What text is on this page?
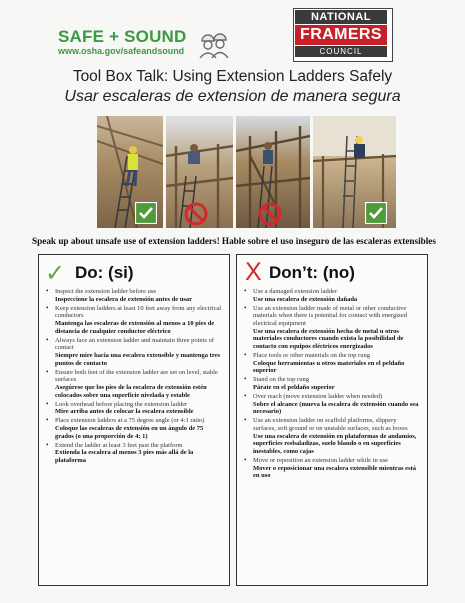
SAFE + SOUND
www.osha.gov/safeandsound
NATIONAL
FRAMERS
COUNCIL
Tool Box Talk: Using Extension Ladders Safely
Usar escaleras de extension de manera segura
Speak up about unsafe use of extension ladders! Hable sobre el uso inseguro de las escaleras extensibles
✓ Do: (si)
• Inspect the extension ladder before use
Inspeccione la escalera de extensión antes de usar
• Keep extension ladders at least 10 feet away from any electrical conductors
Mantenga las escaleras de extensión al menos a 10 pies de distancia de cualquier conductor eléctrico
• Always face an extension ladder and maintain three points of contact
Siempre mire hacia una escalera extensible y mantenga tres puntos de contacto
• Ensure both feet of the extension ladder are set on level, stable surfaces
Asegúrese que los pies de la escalera de extensión estén colocados sobre una superficie nivelada y estable
• Look overhead before placing the extension ladder
Mire arriba antes de colocar la escalera extensible
• Place extension ladders at a 75 degree angle (or 4:1 ratio)
Coloque las escaleras de extensión en un ángulo de 75 grados (o una proporción de 4: 1)
• Extend the ladder at least 3 feet past the platform
Extienda la escalera al menos 3 pies más allá de la plataforma
X Don’t: (no)
• Use a damaged extension ladder
Use una escalera de extensión dañada
• Use an extension ladder made of metal or other conductive materials when there is potential for contact with energized electrical equipment
Use una escalera de extensión hecha de metal u otros materiales conductores cuando exista la posibilidad de contacto con equipos eléctricos energizados
• Place tools or other materials on the top rung
Coloque herramientas u otros materiales en el peldaño superior
• Stand on the top rung
Párate en el peldaño superior
• Over reach (move extension ladder when needed)
Sobre el alcance (mueva la escalera de extensión cuando sea necesario)
• Use an extension ladder on scaffold platforms, slippery surfaces, soft ground or on unstable surfaces, such as boxes
Use una escalera de extensión en plataformas de andamios, superficies resbaladizas, suelo blando o en superficies inestables, como cajas
• Move or reposition an extension ladder while in use
Mover o reposicionar una escalera extensible mientras está en uso
